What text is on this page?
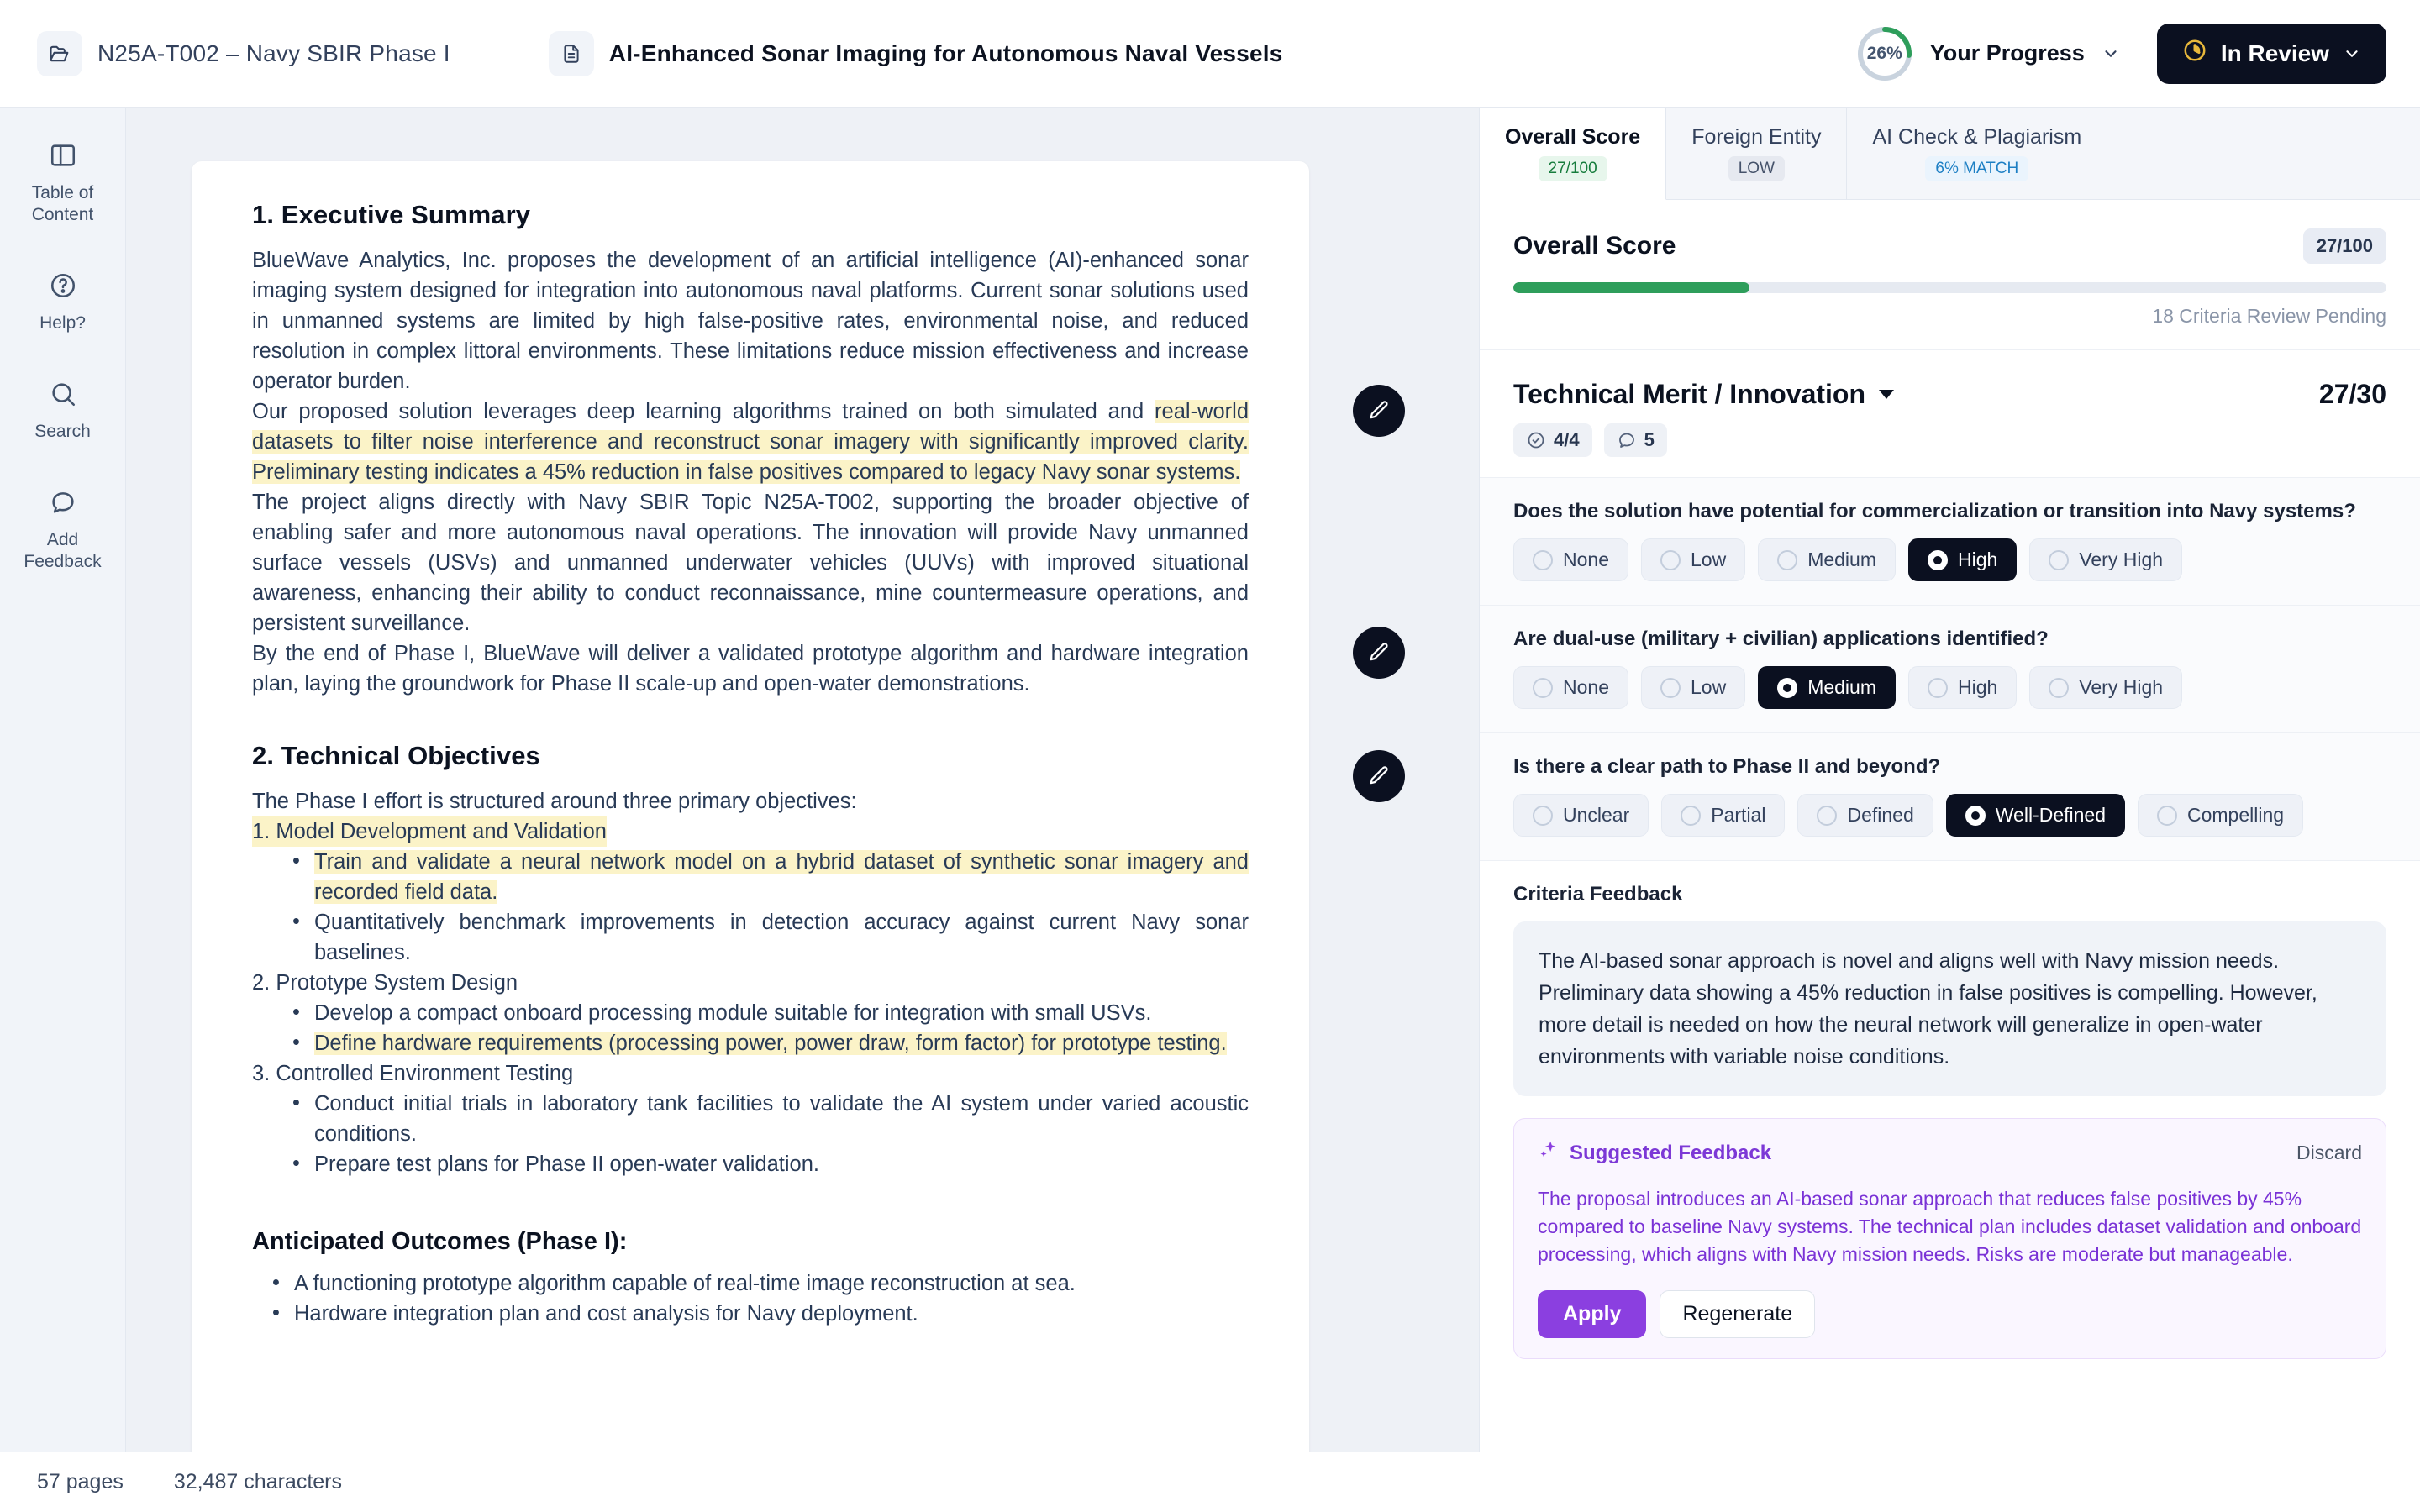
N25A-T002 – Navy SBIR Phase I	AI-Enhanced Sonar Imaging for Autonomous Naval Vessels	26%	Your Progress	In Review
Table of Content
Help?
Search
Add Feedback
1. Executive Summary

BlueWave Analytics, Inc. proposes the development of an artificial intelligence (AI)-enhanced sonar imaging system designed for integration into autonomous naval platforms. Current sonar solutions used in unmanned systems are limited by high false-positive rates, environmental noise, and reduced resolution in complex littoral environments. These limitations reduce mission effectiveness and increase operator burden.

Our proposed solution leverages deep learning algorithms trained on both simulated and real-world datasets to filter noise interference and reconstruct sonar imagery with significantly improved clarity. Preliminary testing indicates a 45% reduction in false positives compared to legacy Navy sonar systems.

The project aligns directly with Navy SBIR Topic N25A-T002, supporting the broader objective of enabling safer and more autonomous naval operations. The innovation will provide Navy unmanned surface vessels (USVs) and unmanned underwater vehicles (UUVs) with improved situational awareness, enhancing their ability to conduct reconnaissance, mine countermeasure operations, and persistent surveillance.

By the end of Phase I, BlueWave will deliver a validated prototype algorithm and hardware integration plan, laying the groundwork for Phase II scale-up and open-water demonstrations.

2. Technical Objectives

The Phase I effort is structured around three primary objectives:

1. Model Development and Validation
• Train and validate a neural network model on a hybrid dataset of synthetic sonar imagery and recorded field data.
• Quantitatively benchmark improvements in detection accuracy against current Navy sonar baselines.
2. Prototype System Design
• Develop a compact onboard processing module suitable for integration with small USVs.
• Define hardware requirements (processing power, power draw, form factor) for prototype testing.
3. Controlled Environment Testing
• Conduct initial trials in laboratory tank facilities to validate the AI system under varied acoustic conditions.
• Prepare test plans for Phase II open-water validation.
Anticipated Outcomes (Phase I):
• A functioning prototype algorithm capable of real-time image reconstruction at sea.
• Hardware integration plan and cost analysis for Navy deployment.
Overall Score
27/100
Foreign Entity
LOW
AI Check & Plagiarism
6% MATCH
Overall Score	27/100
18 Criteria Review Pending
Technical Merit / Innovation	27/30
4/4	5
Does the solution have potential for commercialization or transition into Navy systems?
None	Low	Medium	High	Very High
Are dual-use (military + civilian) applications identified?
None	Low	Medium	High	Very High
Is there a clear path to Phase II and beyond?
Unclear	Partial	Defined	Well-Defined	Compelling
Criteria Feedback
The AI-based sonar approach is novel and aligns well with Navy mission needs. Preliminary data showing a 45% reduction in false positives is compelling. However, more detail is needed on how the neural network will generalize in open-water environments with variable noise conditions.
Suggested Feedback	Discard
The proposal introduces an AI-based sonar approach that reduces false positives by 45% compared to baseline Navy systems. The technical plan includes dataset validation and onboard processing, which aligns with Navy mission needs. Risks are moderate but manageable.
Apply	Regenerate
57 pages 32,487 characters
